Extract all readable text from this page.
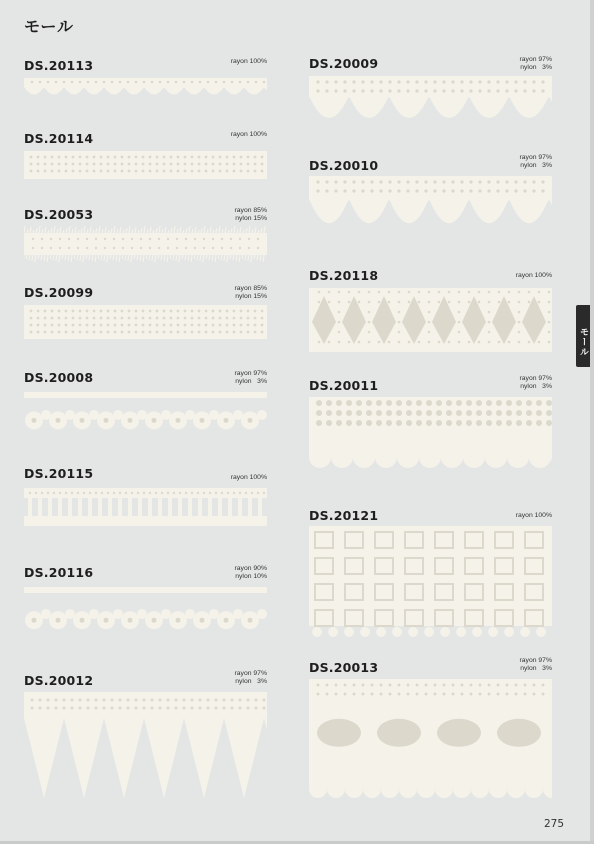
モール
DS.20113	rayon 100%
DS.20114	rayon 100%
DS.20053	rayon 85%
nylon 15%
DS.20099	rayon 85%
nylon 15%
DS.20008	rayon 97%
nylon   3%
DS.20115	rayon 100%
DS.20116	rayon 90%
nylon 10%
DS.20012	rayon 97%
nylon   3%
DS.20009	rayon 97%
nylon   3%
DS.20010
rayon 97%
nylon   3%
DS.20118	rayon 100%
DS.20011	rayon 97%
nylon   3%
DS.20121	rayon 100%
DS.20013	rayon 97%
nylon   3%
モール
275
